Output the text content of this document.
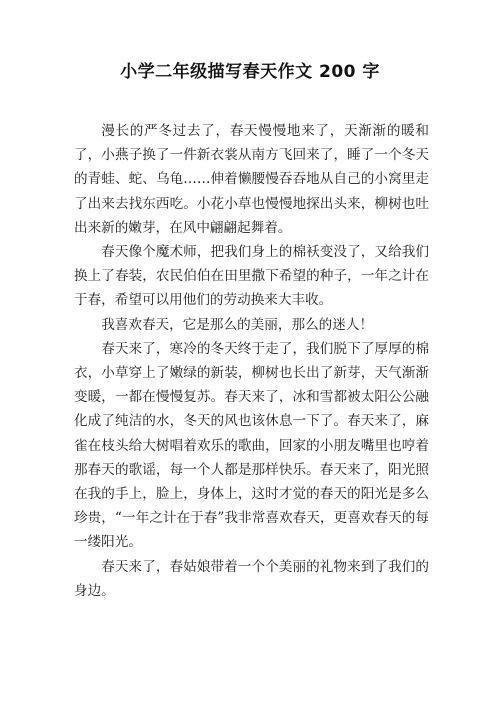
小学二年级描写春天作文 200 字

漫长的严冬过去了，春天慢慢地来了，天渐渐的暖和了，小燕子换了一件新衣裳从南方飞回来了，睡了一个冬天的青蛙、蛇、乌龟……伸着懒腰慢吞吞地从自己的小窝里走了出来去找东西吃。小花小草也慢慢地探出头来，柳树也吐出来新的嫩芽，在风中翩翩起舞着。

春天像个魔术师，把我们身上的棉袄变没了，又给我们换上了春装，农民伯伯在田里撒下希望的种子，一年之计在于春，希望可以用他们的劳动换来大丰收。

我喜欢春天，它是那么的美丽，那么的迷人！

春天来了，寒冷的冬天终于走了，我们脱下了厚厚的棉衣，小草穿上了嫩绿的新装，柳树也长出了新芽，天气渐渐变暖，一都在慢慢复苏。春天来了，冰和雪都被太阳公公融化成了纯洁的水，冬天的风也该休息一下了。春天来了，麻雀在枝头给大树唱着欢乐的歌曲，回家的小朋友嘴里也哼着那春天的歌谣，每一个人都是那样快乐。春天来了，阳光照在我的手上，脸上，身体上，这时才觉的春天的阳光是多么珍贵，“一年之计在于春”我非常喜欢春天，更喜欢春天的每一缕阳光。

春天来了，春姑娘带着一个个美丽的礼物来到了我们的身边。
